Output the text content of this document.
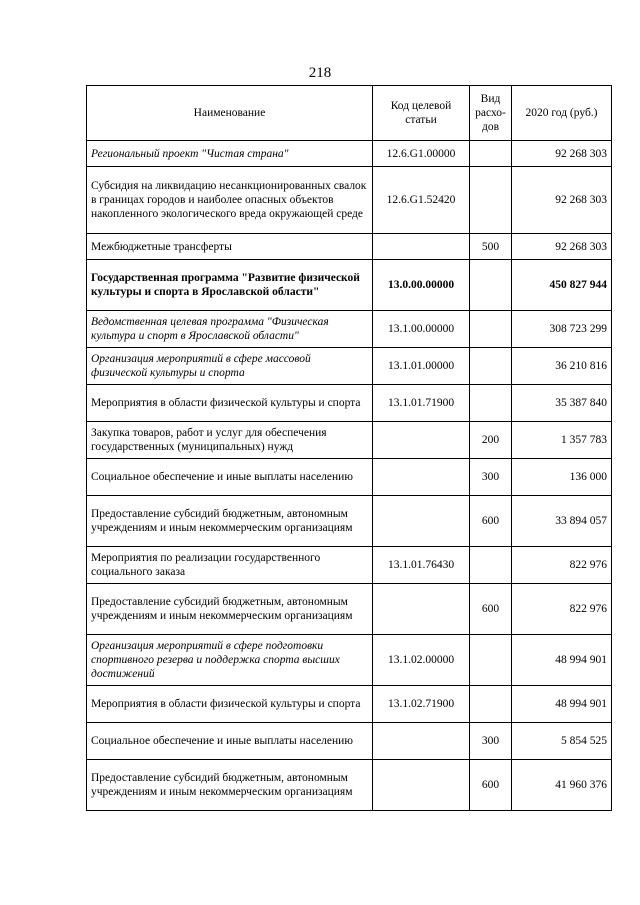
218
Наименование	Код целевой статьи	Вид расхо-дов	2020 год (руб.)
Региональный проект "Чистая страна"	12.6.G1.00000		92 268 303
Субсидия на ликвидацию несанкционированных свалок в границах городов и наиболее опасных объектов накопленного экологического вреда окружающей среде	12.6.G1.52420		92 268 303
Межбюджетные трансферты		500	92 268 303
Государственная программа "Развитие физической культуры и спорта в Ярославской области"	13.0.00.00000		450 827 944
Ведомственная целевая программа "Физическая культура и спорт в Ярославской области"	13.1.00.00000		308 723 299
Организация мероприятий в сфере массовой физической культуры и спорта	13.1.01.00000		36 210 816
Мероприятия в области физической культуры и спорта	13.1.01.71900		35 387 840
Закупка товаров, работ и услуг для обеспечения государственных (муниципальных) нужд		200	1 357 783
Социальное обеспечение и иные выплаты населению		300	136 000
Предоставление субсидий бюджетным, автономным учреждениям и иным некоммерческим организациям		600	33 894 057
Мероприятия по реализации государственного социального заказа	13.1.01.76430		822 976
Предоставление субсидий бюджетным, автономным учреждениям и иным некоммерческим организациям		600	822 976
Организация мероприятий в сфере подготовки спортивного резерва и поддержка спорта высших достижений	13.1.02.00000		48 994 901
Мероприятия в области физической культуры и спорта	13.1.02.71900		48 994 901
Социальное обеспечение и иные выплаты населению		300	5 854 525
Предоставление субсидий бюджетным, автономным учреждениям и иным некоммерческим организациям		600	41 960 376
